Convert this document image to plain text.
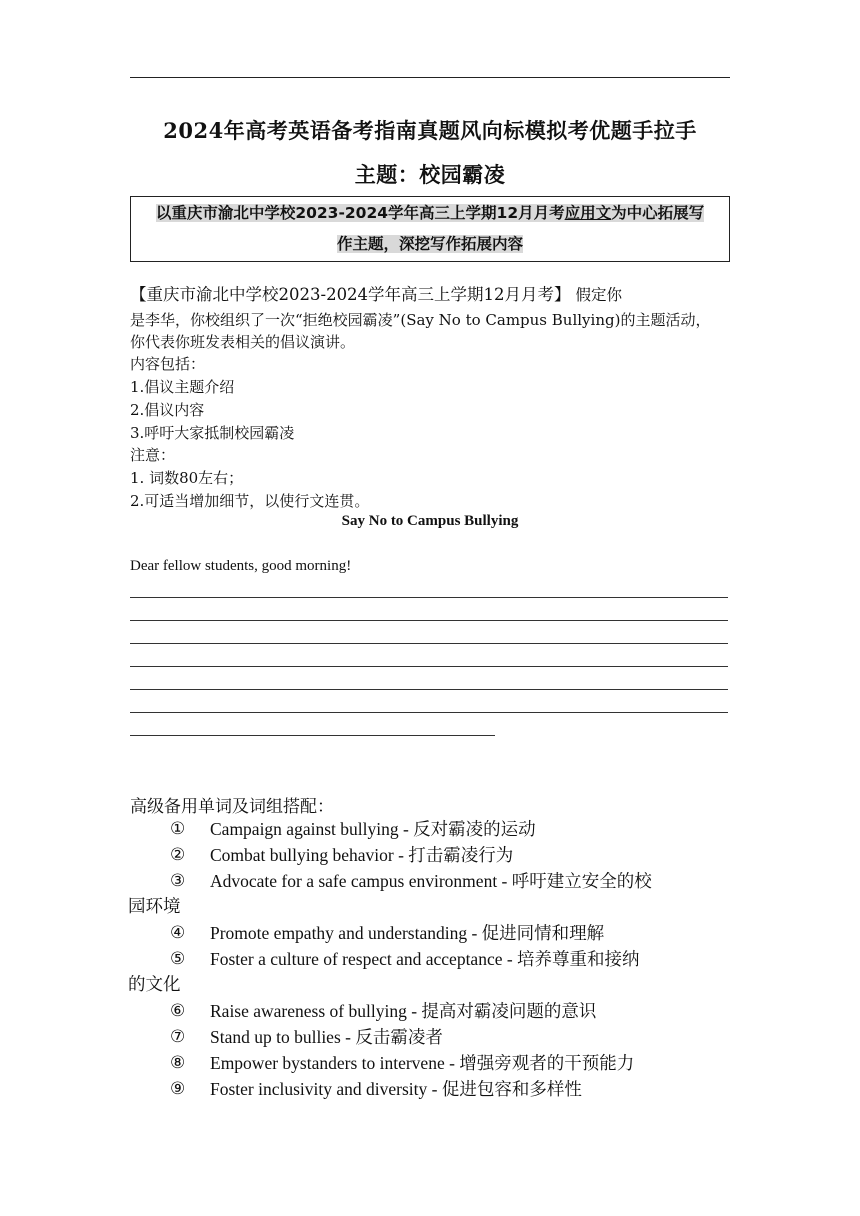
2024年高考英语备考指南真题风向标模拟考优题手拉手
主题：校园霸凌
以重庆市渝北中学校2023-2024学年高三上学期12月月考应用文为中心拓展写
作主题，深挖写作拓展内容
【重庆市渝北中学校2023-2024学年高三上学期12月月考】 假定你
是李华，你校组织了一次“拒绝校园霸凌”(Say No to Campus Bullying)的主题活动，
你代表你班发表相关的倡议演讲。
内容包括：
1.倡议主题介绍
2.倡议内容
3.呼吁大家抵制校园霸凌
注意：
1. 词数80左右；
2.可适当增加细节，以使行文连贯。
Say No to Campus Bullying
Dear fellow students, good morning!
高级备用单词及词组搭配：
① Campaign against bullying - 反对霸凌的运动
② Combat bullying behavior - 打击霸凌行为
③ Advocate for a safe campus environment - 呼吁建立安全的校
园环境
④ Promote empathy and understanding - 促进同情和理解
⑤ Foster a culture of respect and acceptance - 培养尊重和接纳
的文化
⑥ Raise awareness of bullying - 提高对霸凌问题的意识
⑦ Stand up to bullies - 反击霸凌者
⑧ Empower bystanders to intervene - 增强旁观者的干预能力
⑨ Foster inclusivity and diversity - 促进包容和多样性
